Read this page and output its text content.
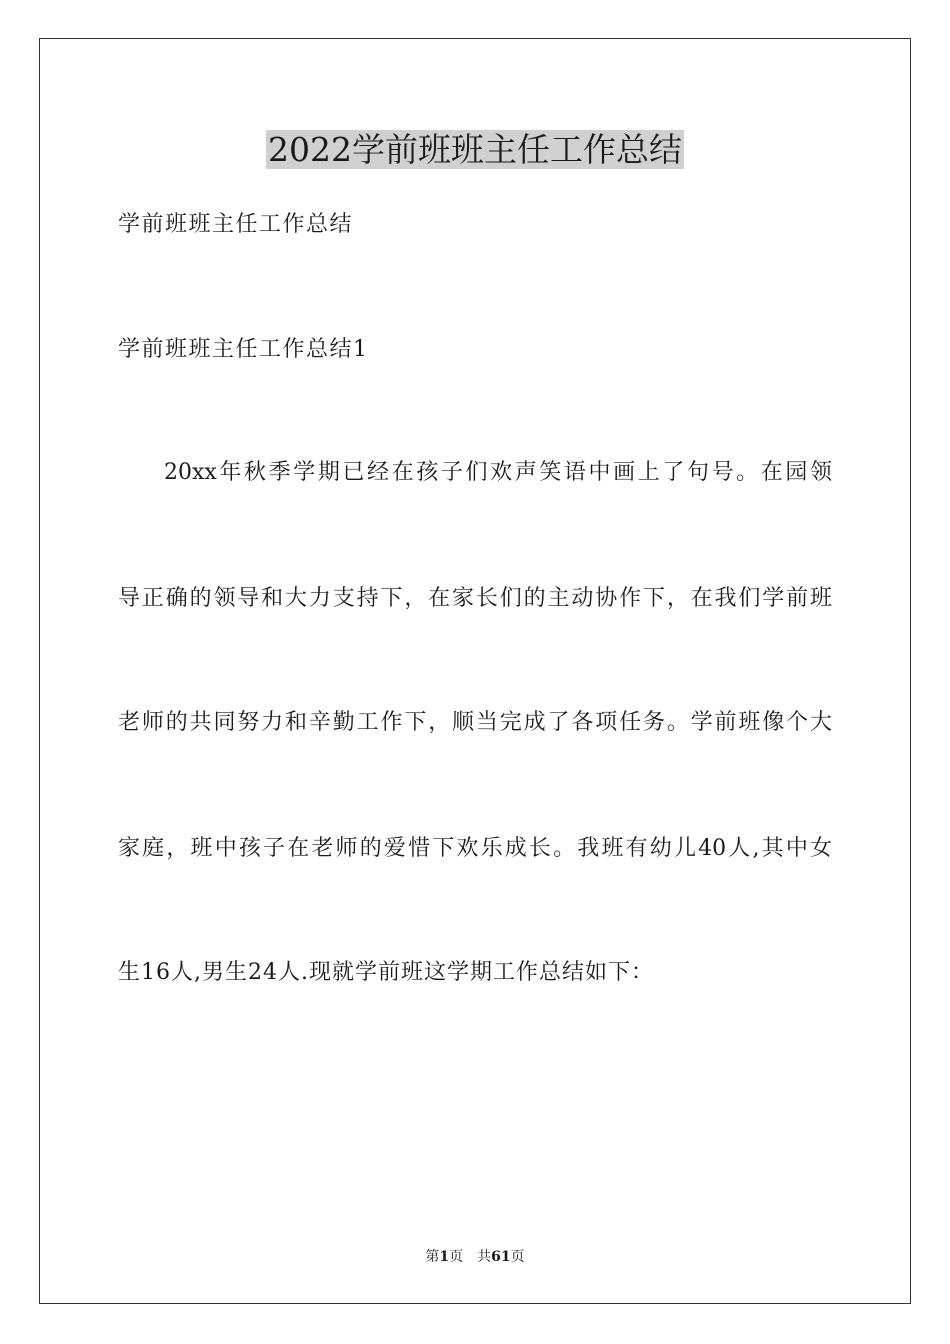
2022学前班班主任工作总结

学前班班主任工作总结

学前班班主任工作总结1

20xx年秋季学期已经在孩子们欢声笑语中画上了句号。在园领

导正确的领导和大力支持下，在家长们的主动协作下，在我们学前班

老师的共同努力和辛勤工作下，顺当完成了各项任务。学前班像个大

家庭，班中孩子在老师的爱惜下欢乐成长。我班有幼儿40人,其中女

生16人,男生24人.现就学前班这学期工作总结如下：

第1页　共61页
